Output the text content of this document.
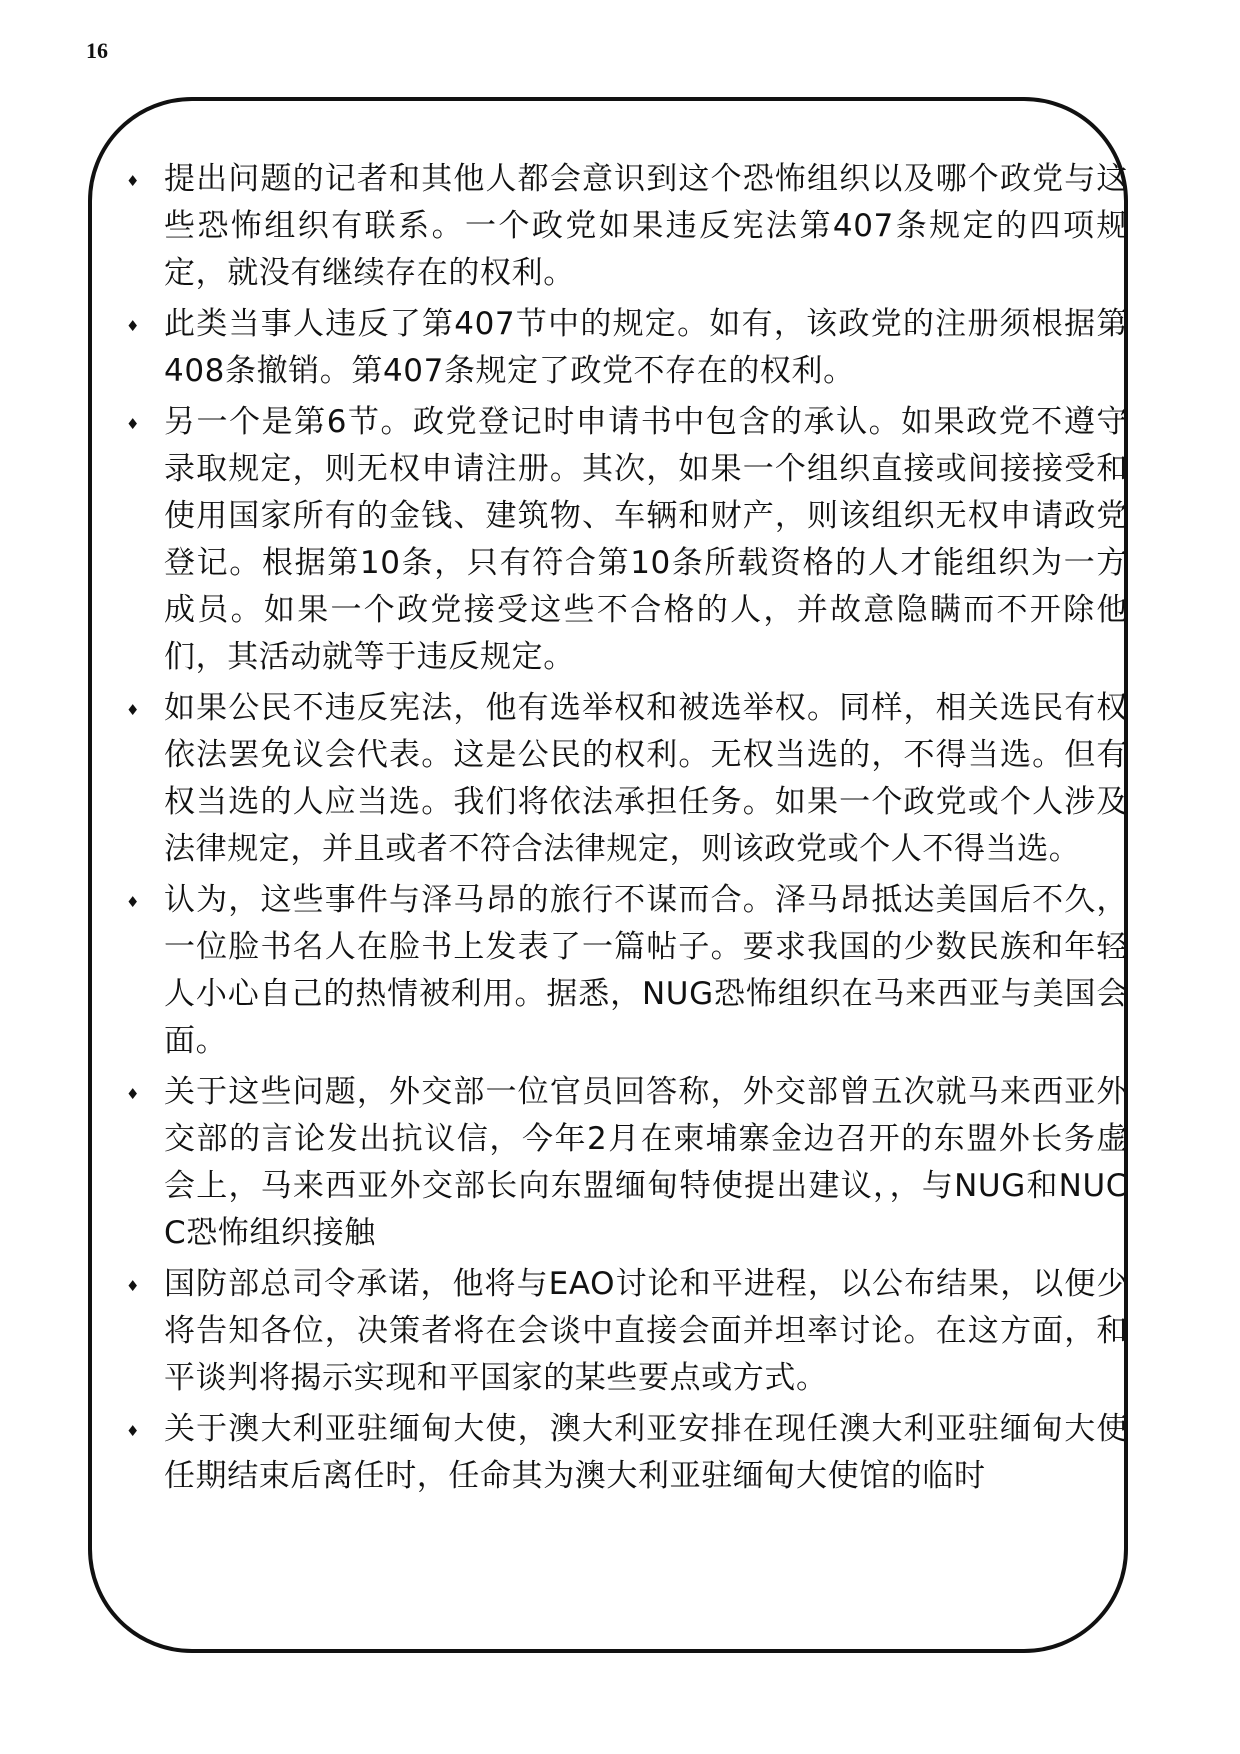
16
♦ 提出问题的记者和其他人都会意识到这个恐怖组织以及哪个政党与这些恐怖组织有联系。一个政党如果违反宪法第407条规定的四项规定，就没有继续存在的权利。
♦ 此类当事人违反了第407节中的规定。如有，该政党的注册须根据第408条撤销。第407条规定了政党不存在的权利。
♦ 另一个是第6节。政党登记时申请书中包含的承认。如果政党不遵守录取规定，则无权申请注册。其次，如果一个组织直接或间接接受和使用国家所有的金钱、建筑物、车辆和财产，则该组织无权申请政党登记。根据第10条，只有符合第10条所载资格的人才能组织为一方成员。如果一个政党接受这些不合格的人，并故意隐瞒而不开除他们，其活动就等于违反规定。
♦ 如果公民不违反宪法，他有选举权和被选举权。同样，相关选民有权依法罢免议会代表。这是公民的权利。无权当选的，不得当选。但有权当选的人应当选。我们将依法承担任务。如果一个政党或个人涉及法律规定，并且或者不符合法律规定，则该政党或个人不得当选。
♦ 认为，这些事件与泽马昂的旅行不谋而合。泽马昂抵达美国后不久，一位脸书名人在脸书上发表了一篇帖子。要求我国的少数民族和年轻人小心自己的热情被利用。据悉，NUG恐怖组织在马来西亚与美国会面。
♦ 关于这些问题，外交部一位官员回答称，外交部曾五次就马来西亚外交部的言论发出抗议信，今年2月在柬埔寨金边召开的东盟外长务虚会上，马来西亚外交部长向东盟缅甸特使提出建议，，与NUG和NUCC恐怖组织接触
♦ 国防部总司令承诺，他将与EAO讨论和平进程，以公布结果，以便少将告知各位，决策者将在会谈中直接会面并坦率讨论。在这方面，和平谈判将揭示实现和平国家的某些要点或方式。
♦ 关于澳大利亚驻缅甸大使，澳大利亚安排在现任澳大利亚驻缅甸大使任期结束后离任时，任命其为澳大利亚驻缅甸大使馆的临时
